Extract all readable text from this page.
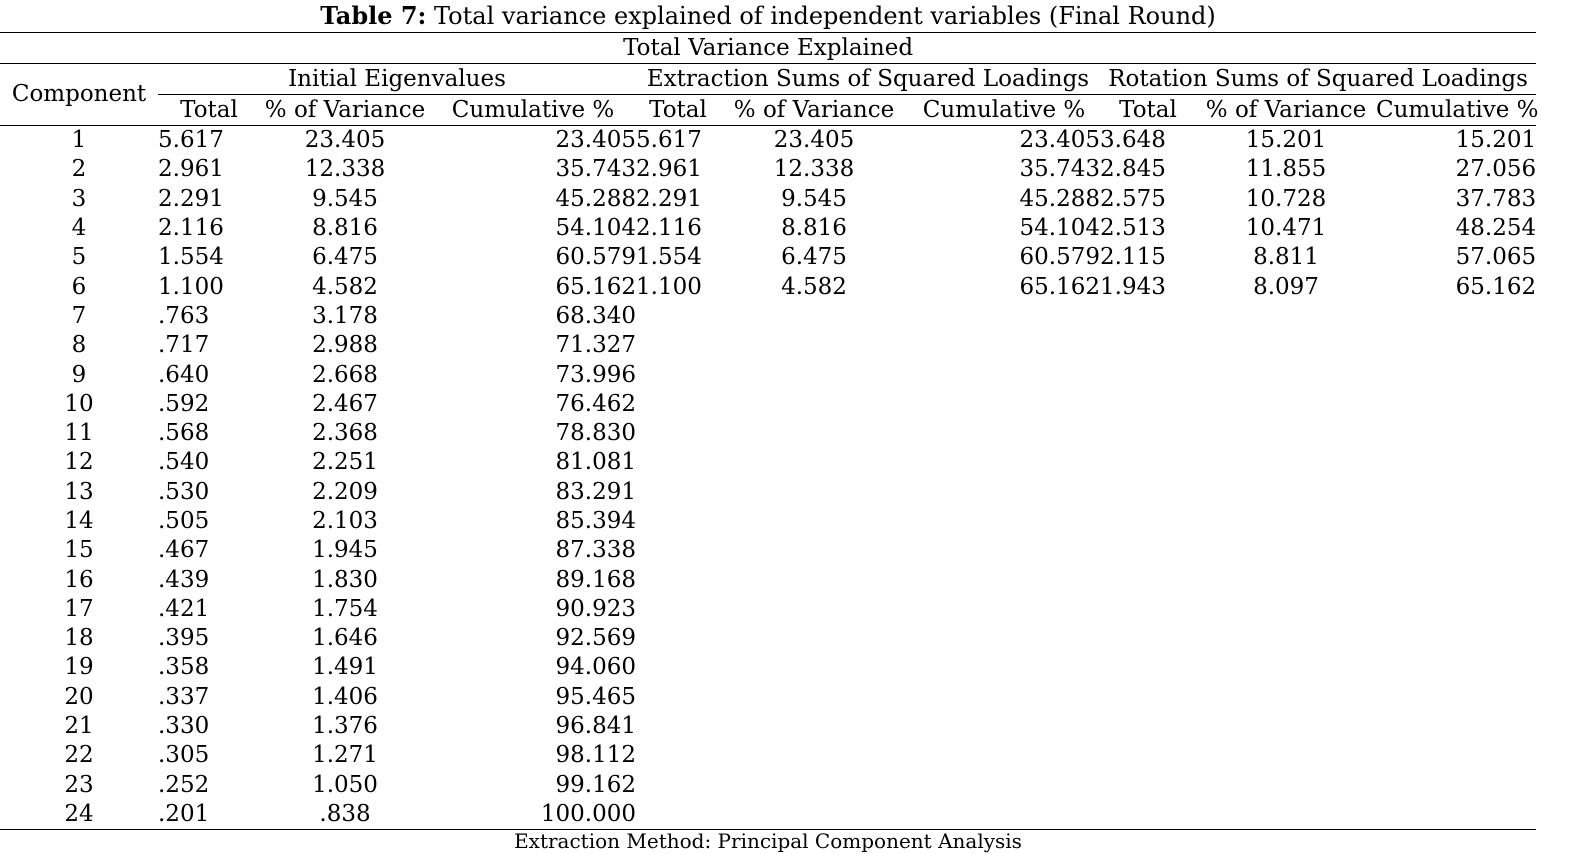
Table 7: Total variance explained of independent variables (Final Round)
Total Variance Explained									
Component	Initial Eigenvalues			Extraction Sums of Squared Loadings			Rotation Sums of Squared Loadings		
	Total	% of Variance	Cumulative %	Total	% of Variance	Cumulative %	Total	% of Variance	Cumulative %
1	5.617	23.405	23.405	5.617	23.405	23.405	3.648	15.201	15.201
2	2.961	12.338	35.743	2.961	12.338	35.743	2.845	11.855	27.056
3	2.291	9.545	45.288	2.291	9.545	45.288	2.575	10.728	37.783
4	2.116	8.816	54.104	2.116	8.816	54.104	2.513	10.471	48.254
5	1.554	6.475	60.579	1.554	6.475	60.579	2.115	8.811	57.065
6	1.100	4.582	65.162	1.100	4.582	65.162	1.943	8.097	65.162
7	.763	3.178	68.340						
8	.717	2.988	71.327						
9	.640	2.668	73.996						
10	.592	2.467	76.462						
11	.568	2.368	78.830						
12	.540	2.251	81.081						
13	.530	2.209	83.291						
14	.505	2.103	85.394						
15	.467	1.945	87.338						
16	.439	1.830	89.168						
17	.421	1.754	90.923						
18	.395	1.646	92.569						
19	.358	1.491	94.060						
20	.337	1.406	95.465						
21	.330	1.376	96.841						
22	.305	1.271	98.112						
23	.252	1.050	99.162						
24	.201	.838	100.000						
Extraction Method: Principal Component Analysis
